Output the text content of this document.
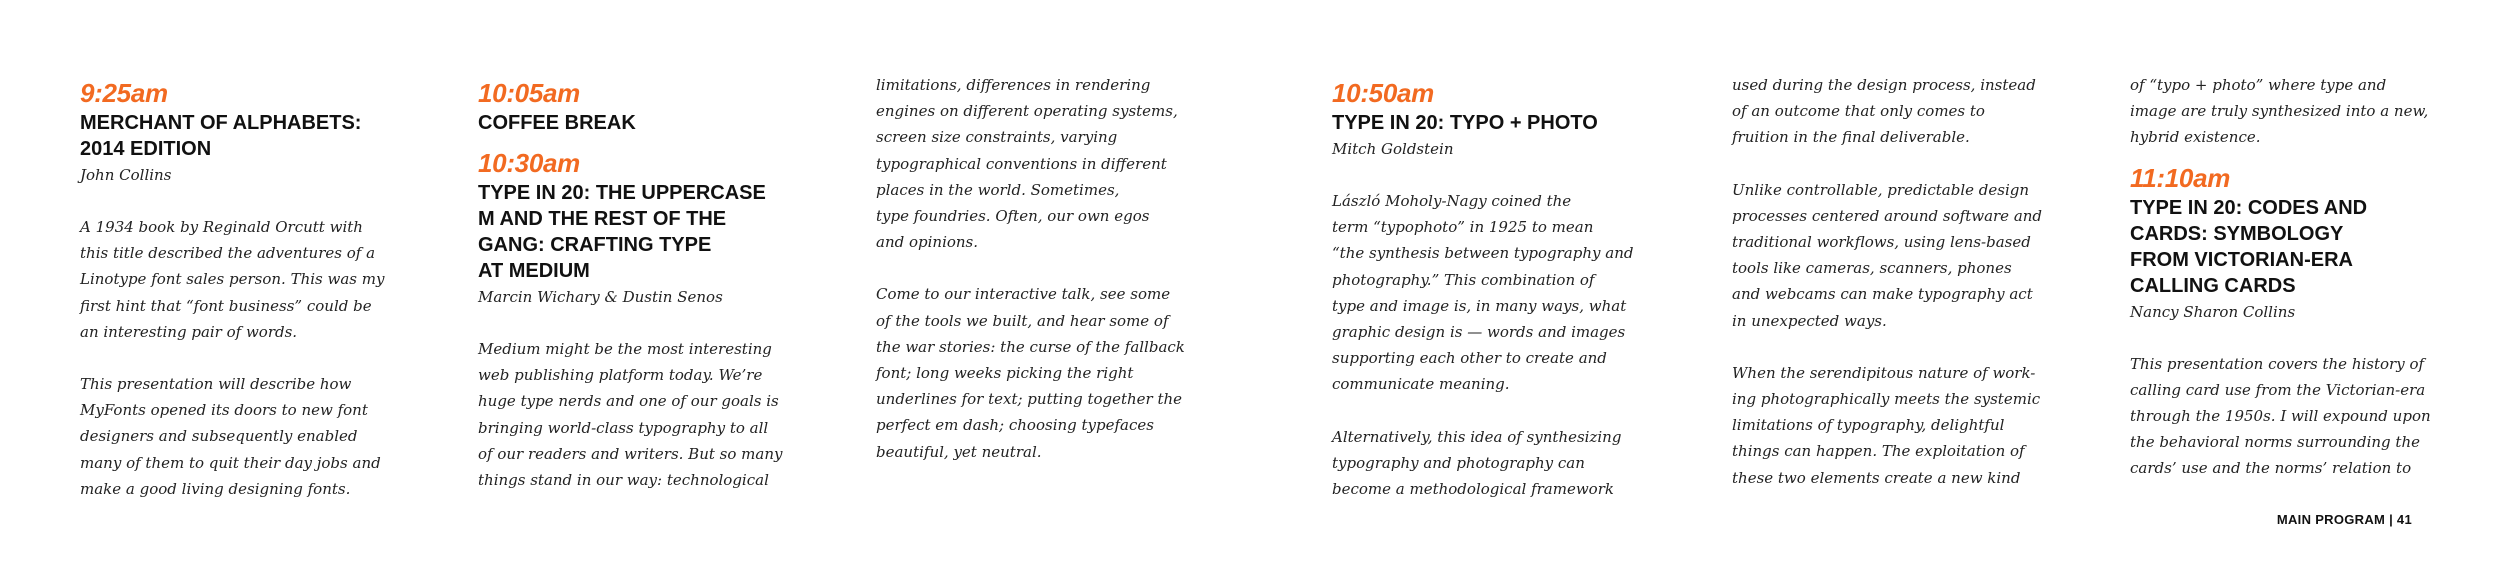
9:25am
MERCHANT OF ALPHABETS:
2014 EDITION
John Collins
A 1934 book by Reginald Orcutt with
this title described the adventures of a
Linotype font sales person. This was my
first hint that “font business” could be
an interesting pair of words.
This presentation will describe how
MyFonts opened its doors to new font
designers and subsequently enabled
many of them to quit their day jobs and
make a good living designing fonts.
10:05am
COFFEE BREAK
10:30am
TYPE IN 20: THE UPPERCASE
M AND THE REST OF THE
GANG: CRAFTING TYPE
AT MEDIUM
Marcin Wichary & Dustin Senos
Medium might be the most interesting
web publishing platform today. We’re
huge type nerds and one of our goals is
bringing world-class typography to all
of our readers and writers. But so many
things stand in our way: technological
limitations, differences in rendering
engines on different operating systems,
screen size constraints, varying
typographical conventions in different
places in the world. Sometimes,
type foundries. Often, our own egos
and opinions.
Come to our interactive talk, see some
of the tools we built, and hear some of
the war stories: the curse of the fallback
font; long weeks picking the right
underlines for text; putting together the
perfect em dash; choosing typefaces
beautiful, yet neutral.
10:50am
TYPE IN 20: TYPO + PHOTO
Mitch Goldstein
László Moholy-Nagy coined the
term “typophoto” in 1925 to mean
“the synthesis between typography and
photography.” This combination of
type and image is, in many ways, what
graphic design is — words and images
supporting each other to create and
communicate meaning.
Alternatively, this idea of synthesizing
typography and photography can
become a methodological framework
used during the design process, instead
of an outcome that only comes to
fruition in the final deliverable.
Unlike controllable, predictable design
processes centered around software and
traditional workflows, using lens-based
tools like cameras, scanners, phones
and webcams can make typography act
in unexpected ways.
When the serendipitous nature of work-
ing photographically meets the systemic
limitations of typography, delightful
things can happen. The exploitation of
these two elements create a new kind
of “typo + photo” where type and
image are truly synthesized into a new,
hybrid existence.
11:10am
TYPE IN 20: CODES AND
CARDS: SYMBOLOGY
FROM VICTORIAN-ERA
CALLING CARDS
Nancy Sharon Collins
This presentation covers the history of
calling card use from the Victorian-era
through the 1950s. I will expound upon
the behavioral norms surrounding the
cards’ use and the norms’ relation to
MAIN PROGRAM | 41
